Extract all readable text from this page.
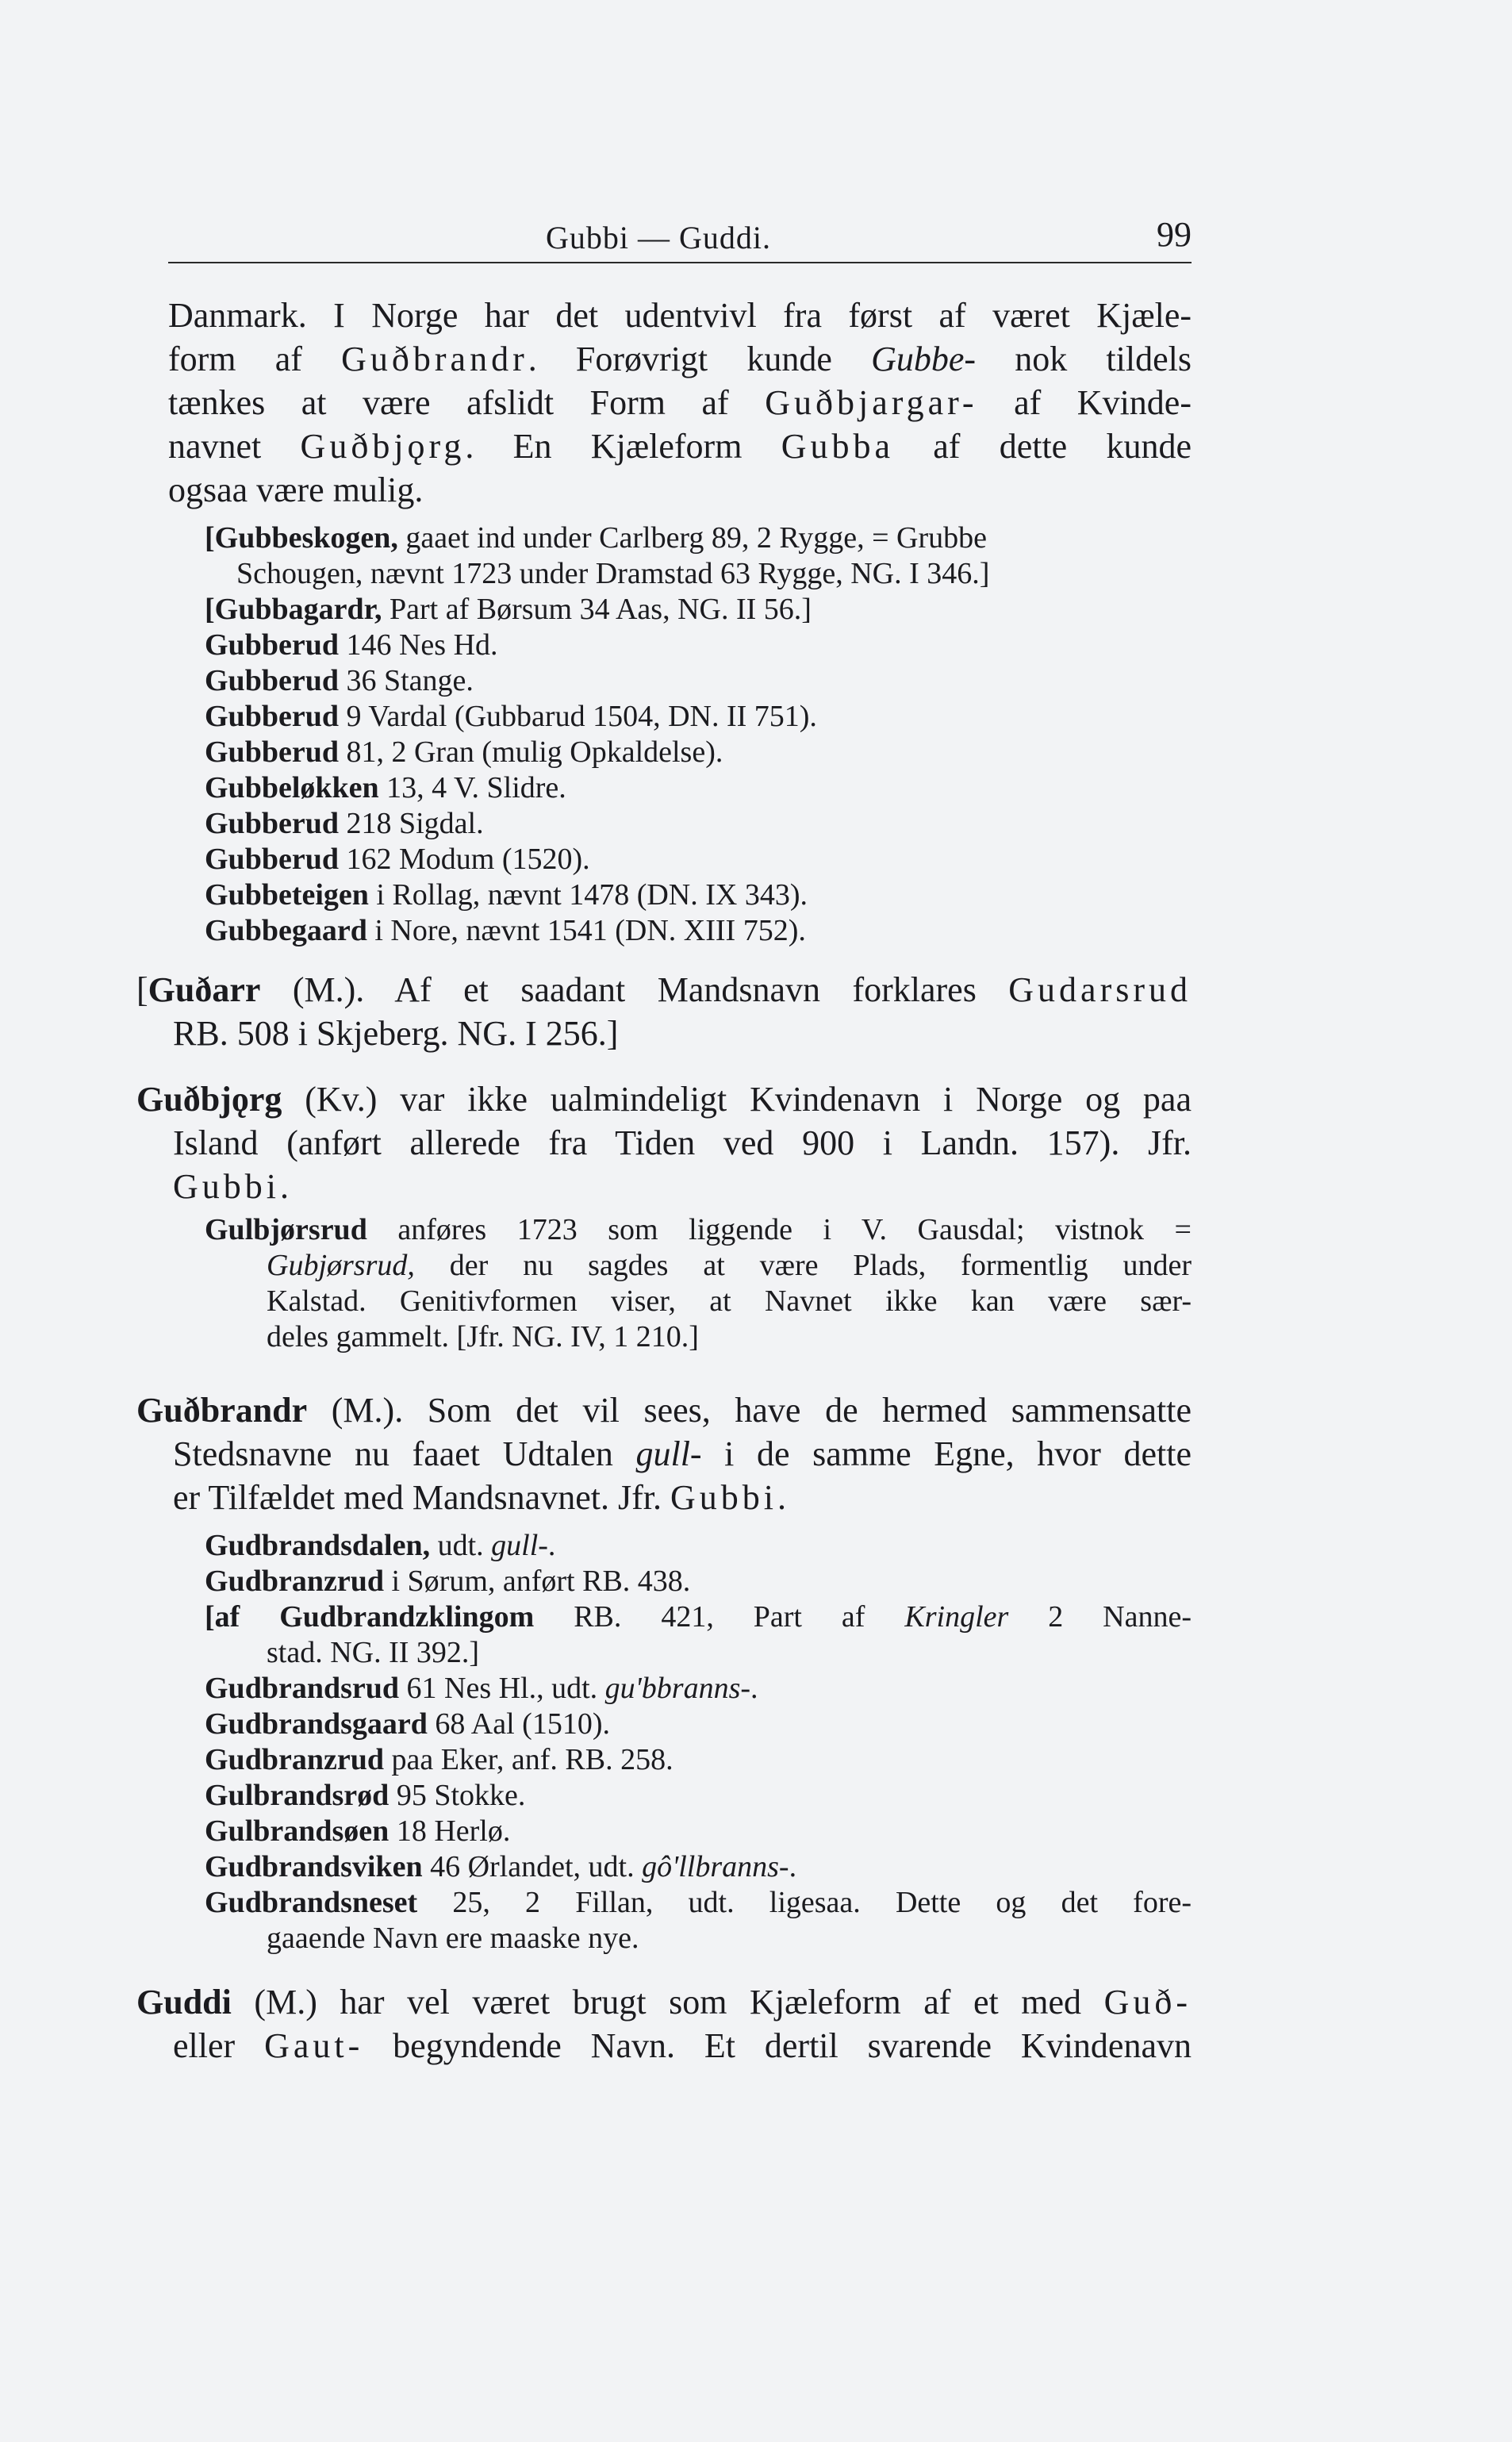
Gubbi — Guddi.	99
Danmark. I Norge har det udentvivl fra først af været Kjæle-
form af Guðbrandr. Forøvrigt kunde Gubbe- nok tildels
tænkes at være afslidt Form af Guðbjargar- af Kvinde-
navnet Guðbjǫrg. En Kjæleform Gubba af dette kunde
ogsaa være mulig.
[Gubbeskogen, gaaet ind under Carlberg 89, 2 Rygge, = Grubbe
Schougen, nævnt 1723 under Dramstad 63 Rygge, NG. I 346.]
[Gubbagardr, Part af Børsum 34 Aas, NG. II 56.]
Gubberud 146 Nes Hd.
Gubberud 36 Stange.
Gubberud 9 Vardal (Gubbarud 1504, DN. II 751).
Gubberud 81, 2 Gran (mulig Opkaldelse).
Gubbeløkken 13, 4 V. Slidre.
Gubberud 218 Sigdal.
Gubberud 162 Modum (1520).
Gubbeteigen i Rollag, nævnt 1478 (DN. IX 343).
Gubbegaard i Nore, nævnt 1541 (DN. XIII 752).
[Guðarr (M.). Af et saadant Mandsnavn forklares Gudarsrud
RB. 508 i Skjeberg. NG. I 256.]
Guðbjǫrg (Kv.) var ikke ualmindeligt Kvindenavn i Norge og paa
Island (anført allerede fra Tiden ved 900 i Landn. 157). Jfr.
Gubbi.
Gulbjørsrud anføres 1723 som liggende i V. Gausdal; vistnok =
Gubjørsrud, der nu sagdes at være Plads, formentlig under
Kalstad. Genitivformen viser, at Navnet ikke kan være sær-
deles gammelt. [Jfr. NG. IV, 1 210.]
Guðbrandr (M.). Som det vil sees, have de hermed sammensatte
Stedsnavne nu faaet Udtalen gull- i de samme Egne, hvor dette
er Tilfældet med Mandsnavnet. Jfr. Gubbi.
Gudbrandsdalen, udt. gull-.
Gudbranzrud i Sørum, anført RB. 438.
[af Gudbrandzklingom RB. 421, Part af Kringler 2 Nanne-
stad. NG. II 392.]
Gudbrandsrud 61 Nes Hl., udt. gu'bbranns-.
Gudbrandsgaard 68 Aal (1510).
Gudbranzrud paa Eker, anf. RB. 258.
Gulbrandsrød 95 Stokke.
Gulbrandsøen 18 Herlø.
Gudbrandsviken 46 Ørlandet, udt. gô'llbranns-.
Gudbrandsneset 25, 2 Fillan, udt. ligesaa. Dette og det fore-
gaaende Navn ere maaske nye.
Guddi (M.) har vel været brugt som Kjæleform af et med Guð-
eller Gaut- begyndende Navn. Et dertil svarende Kvindenavn
